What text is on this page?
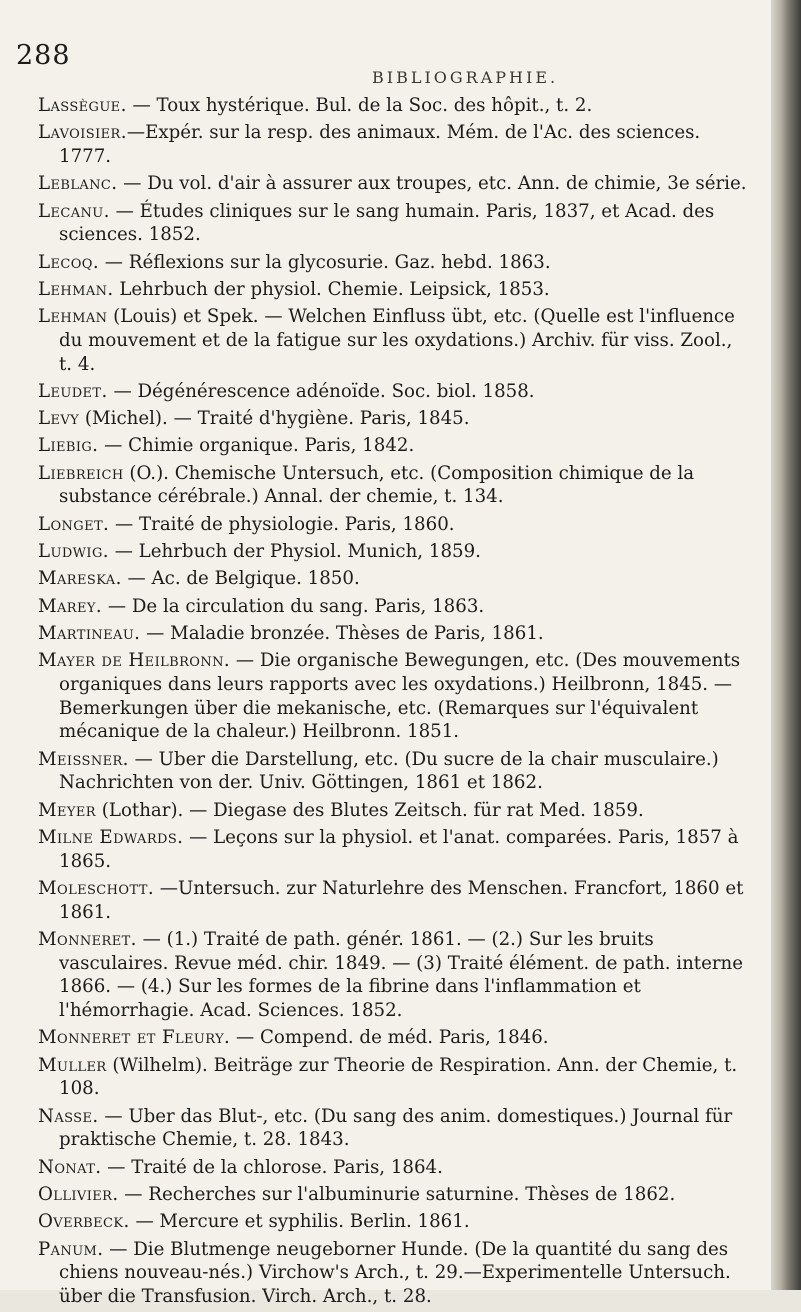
288
BIBLIOGRAPHIE.

Lassègue. — Toux hystérique. Bul. de la Soc. des hôpit., t. 2.

Lavoisier.—Expér. sur la resp. des animaux. Mém. de l'Ac. des sciences. 1777.

Leblanc. — Du vol. d'air à assurer aux troupes, etc. Ann. de chimie, 3e série.

Lecanu. — Études cliniques sur le sang humain. Paris, 1837, et Acad. des sciences. 1852.

Lecoq. — Réflexions sur la glycosurie. Gaz. hebd. 1863.

Lehman. Lehrbuch der physiol. Chemie. Leipsick, 1853.

Lehman (Louis) et Spek. — Welchen Einfluss übt, etc. (Quelle est l'influence du mouvement et de la fatigue sur les oxydations.) Archiv. für viss. Zool., t. 4.

Leudet. — Dégénérescence adénoïde. Soc. biol. 1858.

Levy (Michel). — Traité d'hygiène. Paris, 1845.

Liebig. — Chimie organique. Paris, 1842.

Liebreich (O.). Chemische Untersuch, etc. (Composition chimique de la substance cérébrale.) Annal. der chemie, t. 134.

Longet. — Traité de physiologie. Paris, 1860.

Ludwig. — Lehrbuch der Physiol. Munich, 1859.

Mareska. — Ac. de Belgique. 1850.

Marey. — De la circulation du sang. Paris, 1863.

Martineau. — Maladie bronzée. Thèses de Paris, 1861.

Mayer de Heilbronn. — Die organische Bewegungen, etc. (Des mouvements organiques dans leurs rapports avec les oxydations.) Heilbronn, 1845. — Bemerkungen über die mekanische, etc. (Remarques sur l'équivalent mécanique de la chaleur.) Heilbronn. 1851.

Meissner. — Uber die Darstellung, etc. (Du sucre de la chair musculaire.) Nachrichten von der. Univ. Göttingen, 1861 et 1862.

Meyer (Lothar). — Diegase des Blutes Zeitsch. für rat Med. 1859.

Milne Edwards. — Leçons sur la physiol. et l'anat. comparées. Paris, 1857 à 1865.

Moleschott. —Untersuch. zur Naturlehre des Menschen. Francfort, 1860 et 1861.

Monneret. — (1.) Traité de path. génér. 1861. — (2.) Sur les bruits vasculaires. Revue méd. chir. 1849. — (3) Traité élément. de path. interne 1866. — (4.) Sur les formes de la fibrine dans l'inflammation et l'hémorrhagie. Acad. Sciences. 1852.

Monneret et Fleury. — Compend. de méd. Paris, 1846.

Muller (Wilhelm). Beiträge zur Theorie de Respiration. Ann. der Chemie, t. 108.

Nasse. — Uber das Blut-, etc. (Du sang des anim. domestiques.) Journal für praktische Chemie, t. 28. 1843.

Nonat. — Traité de la chlorose. Paris, 1864.

Ollivier. — Recherches sur l'albuminurie saturnine. Thèses de 1862.

Overbeck. — Mercure et syphilis. Berlin. 1861.

Panum. — Die Blutmenge neugeborner Hunde. (De la quantité du sang des chiens nouveau-nés.) Virchow's Arch., t. 29.—Experimentelle Untersuch. über die Transfusion. Virch. Arch., t. 28.
